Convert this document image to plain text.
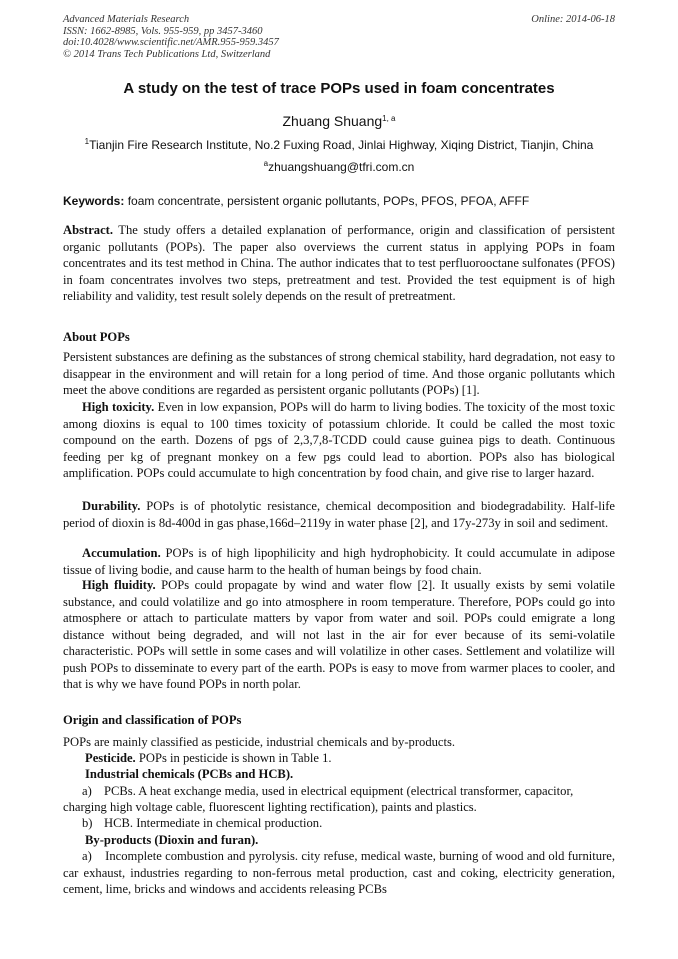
Advanced Materials Research
ISSN: 1662-8985, Vols. 955-959, pp 3457-3460
doi:10.4028/www.scientific.net/AMR.955-959.3457
© 2014 Trans Tech Publications Ltd, Switzerland
Online: 2014-06-18
A study on the test of trace POPs used in foam concentrates
Zhuang Shuang$^{1, a}$
$^1$Tianjin Fire Research Institute, No.2 Fuxing Road, Jinlai Highway, Xiqing District, Tianjin, China
$^a$zhuangshuang@tfri.com.cn
Keywords: foam concentrate, persistent organic pollutants, POPs, PFOS, PFOA, AFFF

Abstract. The study offers a detailed explanation of performance, origin and classification of persistent organic pollutants (POPs). The paper also overviews the current status in applying POPs in foam concentrates and its test method in China. The author indicates that to test perfluorooctane sulfonates (PFOS) in foam concentrates involves two steps, pretreatment and test. Provided the test equipment is of high reliability and validity, test result solely depends on the result of pretreatment.

About POPs

Persistent substances are defining as the substances of strong chemical stability, hard degradation, not easy to disappear in the environment and will retain for a long period of time. And those organic pollutants which meet the above conditions are regarded as persistent organic pollutants (POPs) [1].

High toxicity. Even in low expansion, POPs will do harm to living bodies. The toxicity of the most toxic among dioxins is equal to 100 times toxicity of potassium chloride. It could be called the most toxic compound on the earth. Dozens of pgs of 2,3,7,8-TCDD could cause guinea pigs to death. Continuous feeding per kg of pregnant monkey on a few pgs could lead to abortion. POPs also has biological amplification. POPs could accumulate to high concentration by food chain, and give rise to larger hazard.

Durability. POPs is of photolytic resistance, chemical decomposition and biodegradability. Half-life period of dioxin is 8d-400d in gas phase,166d–2119y in water phase [2], and 17y-273y in soil and sediment.

Accumulation. POPs is of high lipophilicity and high hydrophobicity. It could accumulate in adipose tissue of living bodie, and cause harm to the health of human beings by food chain.

High fluidity. POPs could propagate by wind and water flow [2]. It usually exists by semi volatile substance, and could volatilize and go into atmosphere in room temperature. Therefore, POPs could go into atmosphere or attach to particulate matters by vapor from water and soil. POPs could emigrate a long distance without being degraded, and will not last in the air for ever because of its semi-volatile characteristic. POPs will settle in some cases and will volatilize in other cases. Settlement and volatilize will push POPs to disseminate to every part of the earth. POPs is easy to move from warmer places to cooler, and that is why we have found POPs in north polar.

Origin and classification of POPs
POPs are mainly classified as pesticide, industrial chemicals and by-products.
Pesticide. POPs in pesticide is shown in Table 1.
Industrial chemicals (PCBs and HCB).
a) PCBs. A heat exchange media, used in electrical equipment (electrical transformer, capacitor,
charging high voltage cable, fluorescent lighting rectification), paints and plastics.
b) HCB. Intermediate in chemical production.
By-products (Dioxin and furan).

a) Incomplete combustion and pyrolysis. city refuse, medical waste, burning of wood and old furniture, car exhaust, industries regarding to non-ferrous metal production, cast and coking, electricity generation, cement, lime, bricks and windows and accidents releasing PCBs
